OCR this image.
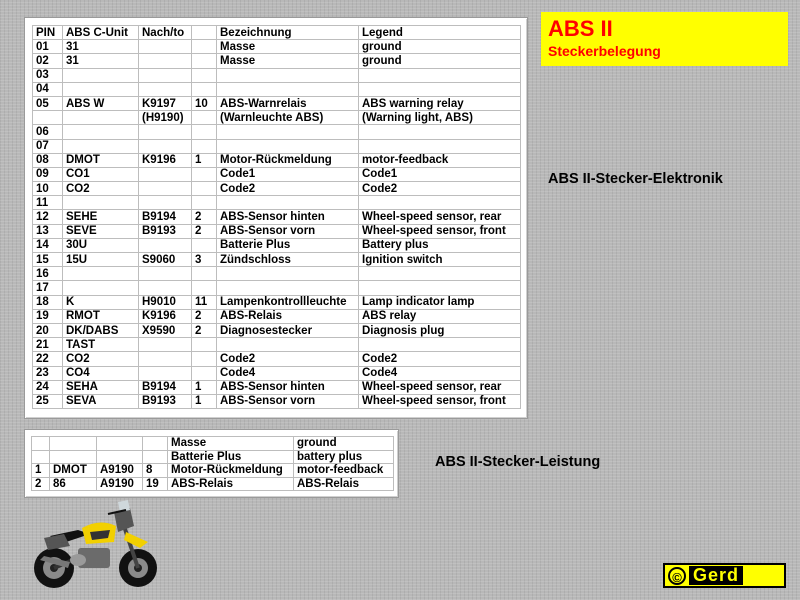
PIN	ABS C-Unit	Nach/to		Bezeichnung	Legend
01	31			Masse	ground
02	31			Masse	ground
03					
04					
05	ABS W	K9197	10	ABS-Warnrelais	ABS warning relay
		(H9190)		(Warnleuchte ABS)	(Warning light, ABS)
06					
07					
08	DMOT	K9196	1	Motor-Rückmeldung	motor-feedback
09	CO1			Code1	Code1
10	CO2			Code2	Code2
11					
12	SEHE	B9194	2	ABS-Sensor hinten	Wheel-speed sensor, rear
13	SEVE	B9193	2	ABS-Sensor vorn	Wheel-speed sensor, front
14	30U			Batterie Plus	Battery plus
15	15U	S9060	3	Zündschloss	Ignition switch
16					
17					
18	K	H9010	11	Lampenkontrollleuchte	Lamp indicator lamp
19	RMOT	K9196	2	ABS-Relais	ABS relay
20	DK/DABS	X9590	2	Diagnosestecker	Diagnosis plug
21	TAST				
22	CO2			Code2	Code2
23	CO4			Code4	Code4
24	SEHA	B9194	1	ABS-Sensor hinten	Wheel-speed sensor, rear
25	SEVA	B9193	1	ABS-Sensor vorn	Wheel-speed sensor, front
				Masse	ground
				Batterie Plus	battery plus
1	DMOT	A9190	8	Motor-Rückmeldung	motor-feedback
2	86	A9190	19	ABS-Relais	ABS-Relais
ABS II
Steckerbelegung
ABS II-Stecker-Elektronik
ABS II-Stecker-Leistung
© Gerd
